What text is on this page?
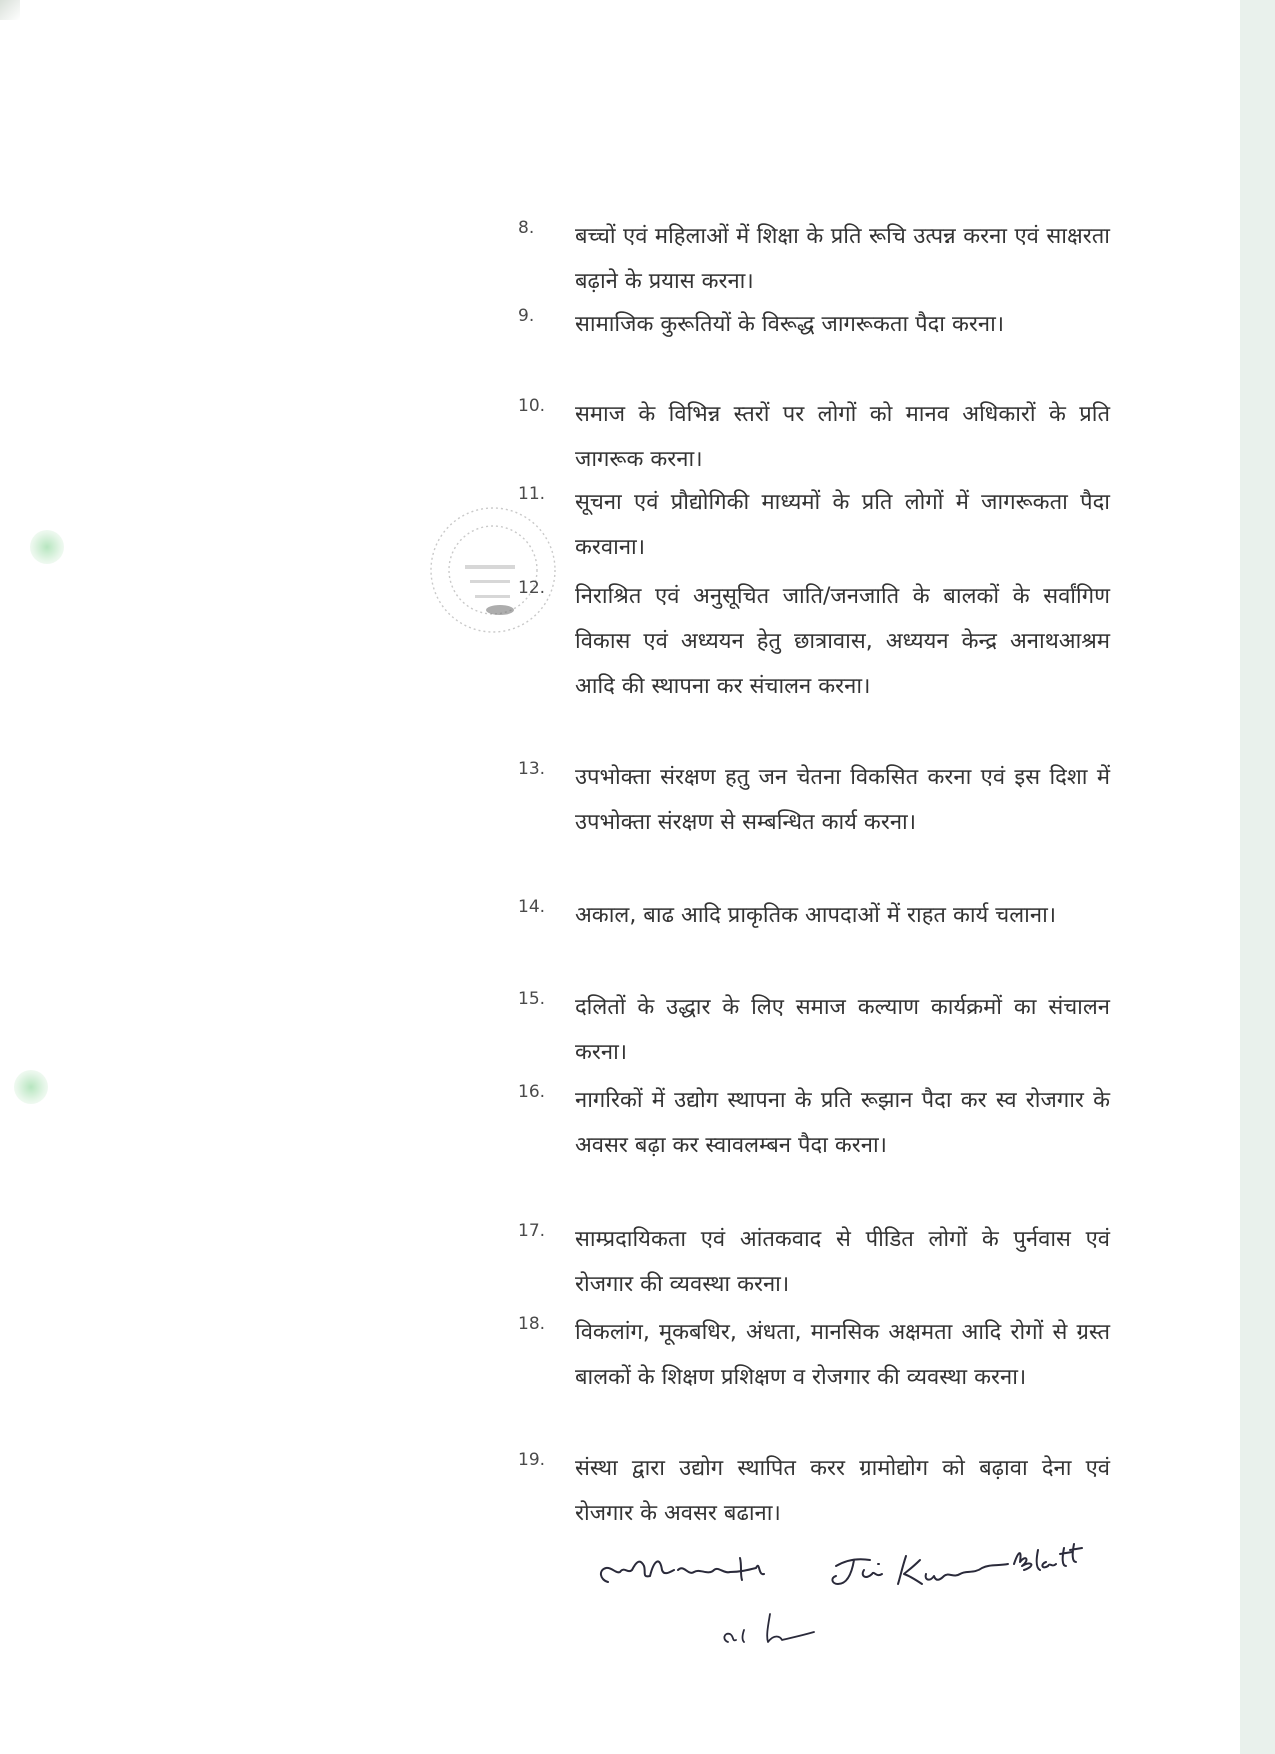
8. बच्चों एवं महिलाओं में शिक्षा के प्रति रूचि उत्पन्न करना एवं साक्षरता बढ़ाने के प्रयास करना।

9. सामाजिक कुरूतियों के विरूद्ध जागरूकता पैदा करना।

10. समाज के विभिन्न स्तरों पर लोगों को मानव अधिकारों के प्रति जागरूक करना।

11. सूचना एवं प्रौद्योगिकी माध्यमों के प्रति लोगों में जागरूकता पैदा करवाना।

12. निराश्रित एवं अनुसूचित जाति/जनजाति के बालकों के सर्वांगिण विकास एवं अध्ययन हेतु छात्रावास, अध्ययन केन्द्र अनाथआश्रम आदि की स्थापना कर संचालन करना।

13. उपभोक्ता संरक्षण हतु जन चेतना विकसित करना एवं इस दिशा में उपभोक्ता संरक्षण से सम्बन्धित कार्य करना।

14. अकाल, बाढ आदि प्राकृतिक आपदाओं में राहत कार्य चलाना।

15. दलितों के उद्धार के लिए समाज कल्याण कार्यक्रमों का संचालन करना।

16. नागरिकों में उद्योग स्थापना के प्रति रूझान पैदा कर स्व रोजगार के अवसर बढ़ा कर स्वावलम्बन पैदा करना।

17. साम्प्रदायिकता एवं आंतकवाद से पीडित लोगों के पुर्नवास एवं रोजगार की व्यवस्था करना।

18. विकलांग, मूकबधिर, अंधता, मानसिक अक्षमता आदि रोगों से ग्रस्त बालकों के शिक्षण प्रशिक्षण व रोजगार की व्यवस्था करना।

19. संस्था द्वारा उद्योग स्थापित करर ग्रामोद्योग को बढ़ावा देना एवं रोजगार के अवसर बढाना।
